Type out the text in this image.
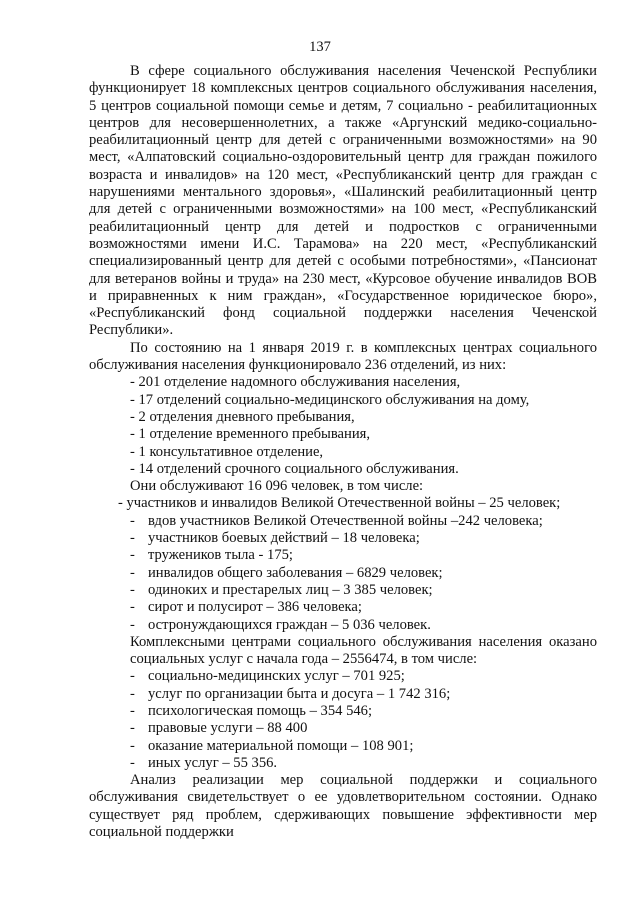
137

В сфере социального обслуживания населения Чеченской Республики функционирует 18 комплексных центров социального обслуживания населения, 5 центров социальной помощи семье и детям, 7 социально - реабилитационных центров для несовершеннолетних, а также «Аргунский медико-социально-реабилитационный центр для детей с ограниченными возможностями» на 90 мест, «Алпатовский социально-оздоровительный центр для граждан пожилого возраста и инвалидов» на 120 мест, «Республиканский центр для граждан с нарушениями ментального здоровья», «Шалинский реабилитационный центр для детей с ограниченными возможностями» на 100 мест, «Республиканский реабилитационный центр для детей и подростков с ограниченными возможностями имени И.С. Тарамова» на 220 мест, «Республиканский специализированный центр для детей с особыми потребностями», «Пансионат для ветеранов войны и труда» на 230 мест, «Курсовое обучение инвалидов ВОВ и приравненных к ним граждан», «Государственное юридическое бюро», «Республиканский фонд социальной поддержки населения Чеченской Республики».

По состоянию на 1 января 2019 г. в комплексных центрах социального обслуживания населения функционировало 236 отделений, из них:

- 201 отделение надомного обслуживания населения,
- 17 отделений социально-медицинского обслуживания на дому,
- 2 отделения дневного пребывания,
- 1 отделение временного пребывания,
- 1 консультативное отделение,
- 14 отделений срочного социального обслуживания.

Они обслуживают 16 096 человек, в том числе:

- участников и инвалидов Великой Отечественной войны – 25 человек;
- вдов участников Великой Отечественной войны –242 человека;
- участников боевых действий – 18 человека;
- тружеников тыла - 175;
- инвалидов общего заболевания – 6829 человек;
- одиноких и престарелых лиц – 3 385 человек;
- сирот и полусирот – 386 человека;
- остронуждающихся граждан – 5 036 человек.

Комплексными центрами социального обслуживания населения оказано социальных услуг с начала года – 2556474, в том числе:

- социально-медицинских услуг – 701 925;
- услуг по организации быта и досуга – 1 742 316;
- психологическая помощь – 354 546;
- правовые услуги – 88 400
- оказание материальной помощи – 108 901;
- иных услуг – 55 356.

Анализ реализации мер социальной поддержки и социального обслуживания свидетельствует о ее удовлетворительном состоянии. Однако существует ряд проблем, сдерживающих повышение эффективности мер социальной поддержки
